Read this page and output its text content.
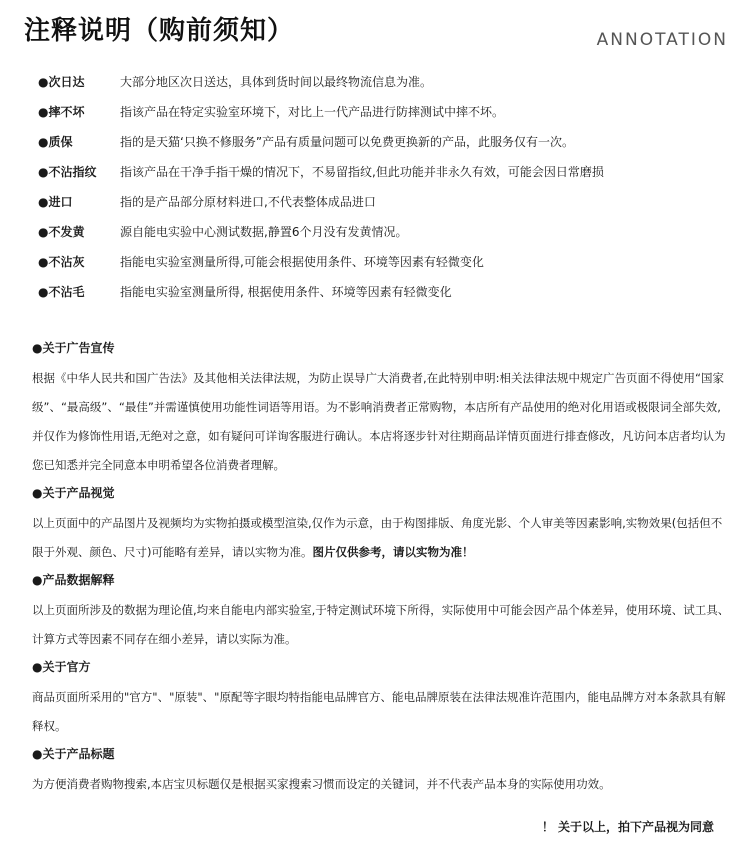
注释说明（购前须知）	ANNOTATION
●次日达	大部分地区次日送达，具体到货时间以最终物流信息为准。
●摔不坏	指该产品在特定实验室环境下，对比上一代产品进行防摔测试中摔不坏。
●质保	指的是天猫‘只换不修服务”产品有质量问题可以免费更换新的产品，此服务仅有一次。
●不沾指纹	指该产品在干净手指干燥的情况下，不易留指纹,但此功能并非永久有效，可能会因日常磨损
●进口	指的是产品部分原材料进口,不代表整体成品进口
●不发黄	源自能电实验中心测试数据,静置6个月没有发黄情况。
●不沾灰	指能电实验室测量所得,可能会根据使用条件、环境等因素有轻微变化
●不沾毛	指能电实验室测量所得, 根据使用条件、环境等因素有轻微变化
●关于广告宣传
根据《中华人民共和国广告法》及其他相关法律法规，为防止误导广大消费者,在此特别申明:相关法律法规中规定广告页面不得使用“国家级”、“最高级”、“最佳”并需谨慎使用功能性词语等用语。为不影响消费者正常购物，本店所有产品使用的绝对化用语或极限词全部失效,并仅作为修饰性用语,无绝对之意，如有疑问可详询客服进行确认。本店将逐步针对往期商品详情页面进行排查修改，凡访问本店者均认为您已知悉并完全同意本申明希望各位消费者理解。
●关于产品视觉
以上页面中的产品图片及视频均为实物拍摄或模型渲染,仅作为示意，由于构图排版、角度光影、个人审美等因素影响,实物效果(包括但不限于外观、颜色、尺寸)可能略有差异，请以实物为准。图片仅供参考，请以实物为准！
●产品数据解释
以上页面所涉及的数据为理论值,均来自能电内部实验室,于特定测试环境下所得，实际使用中可能会因产品个体差异，使用环境、试工具、计算方式等因素不同存在细小差异，请以实际为准。
●关于官方
商品页面所采用的"官方"、"原装"、"原配等字眼均特指能电品牌官方、能电品牌原装在法律法规准许范围内，能电品牌方对本条款具有解释权。
●关于产品标题
为方便消费者购物搜索,本店宝贝标题仅是根据买家搜索习惯而设定的关键词，并不代表产品本身的实际使用功效。
！ 关于以上，拍下产品视为同意
